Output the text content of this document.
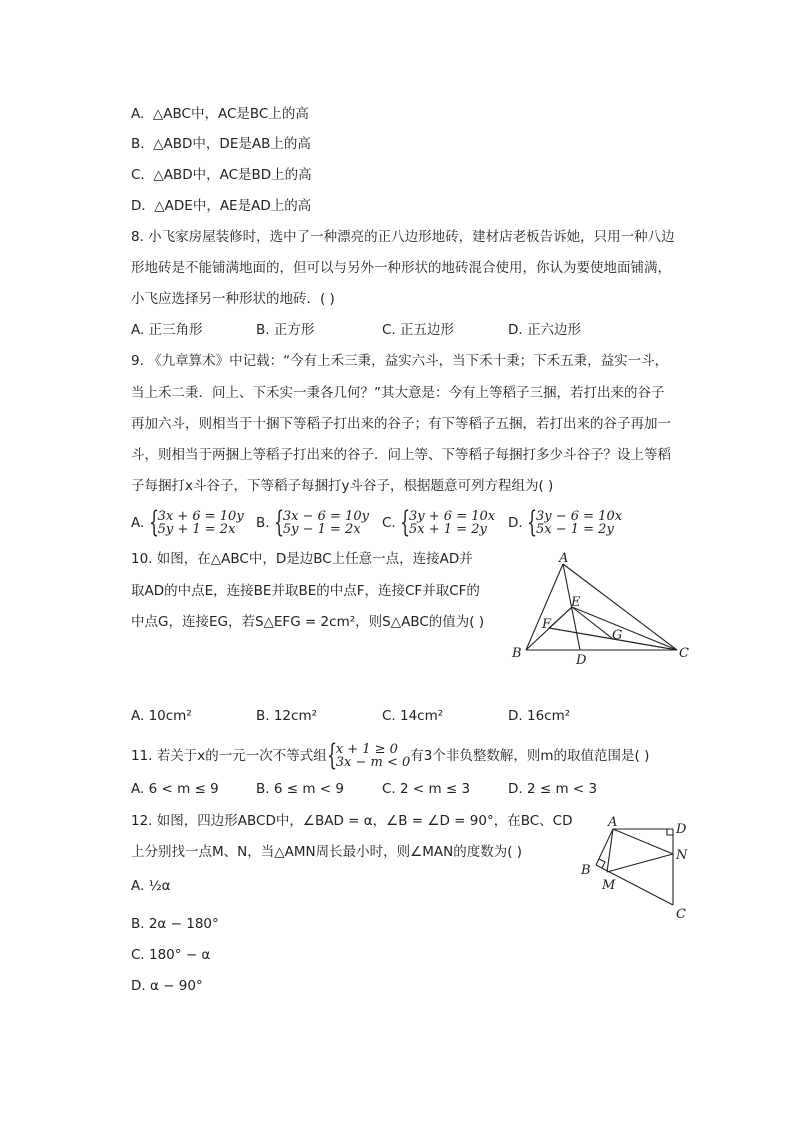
A. △ABC中，AC是BC上的高
B. △ABD中，DE是AB上的高
C. △ABD中，AC是BD上的高
D. △ADE中，AE是AD上的高
8. 小飞家房屋装修时，选中了一种漂亮的正八边形地砖，建材店老板告诉她，只用一种八边
形地砖是不能铺满地面的，但可以与另外一种形状的地砖混合使用，你认为要使地面铺满，
小飞应选择另一种形状的地砖．( )
A. 正三角形	B. 正方形	C. 正五边形	D. 正六边形
9. 《九章算术》中记载：“今有上禾三秉，益实六斗，当下禾十秉；下禾五秉，益实一斗，
当上禾二秉．问上、下禾实一秉各几何？”其大意是：今有上等稻子三捆，若打出来的谷子
再加六斗，则相当于十捆下等稻子打出来的谷子；有下等稻子五捆，若打出来的谷子再加一
斗，则相当于两捆上等稻子打出来的谷子．问上等、下等稻子每捆打多少斗谷子？设上等稻
子每捆打x斗谷子，下等稻子每捆打y斗谷子，根据题意可列方程组为( )
A. {
3x + 6 = 10y
5y + 1 = 2x	B. {
3x − 6 = 10y
5y − 1 = 2x	C. {
3y + 6 = 10x
5x + 1 = 2y	D. {
3y − 6 = 10x
5x − 1 = 2y
10. 如图，在△ABC中，D是边BC上任意一点，连接AD并
取AD的中点E，连接BE并取BE的中点F，连接CF并取CF的
中点G，连接EG，若S△EFG = 2cm²，则S△ABC的值为( )
A
B	C
D
E
F
G
A. 10cm²	B. 12cm²	C. 14cm²	D. 16cm²
11. 若关于x的一元一次不等式组 {
x + 1 ≥ 0
3x − m < 0 有3个非负整数解，则m的取值范围是( )
A. 6 < m ≤ 9	B. 6 ≤ m < 9	C. 2 < m ≤ 3	D. 2 ≤ m < 3
12. 如图，四边形ABCD中，∠BAD = α，∠B = ∠D = 90°，在BC、CD
上分别找一点M、N，当△AMN周长最小时，则∠MAN的度数为( )
A
B
C
D
M
N
A. ½α
B. 2α − 180°
C. 180° − α
D. α − 90°
